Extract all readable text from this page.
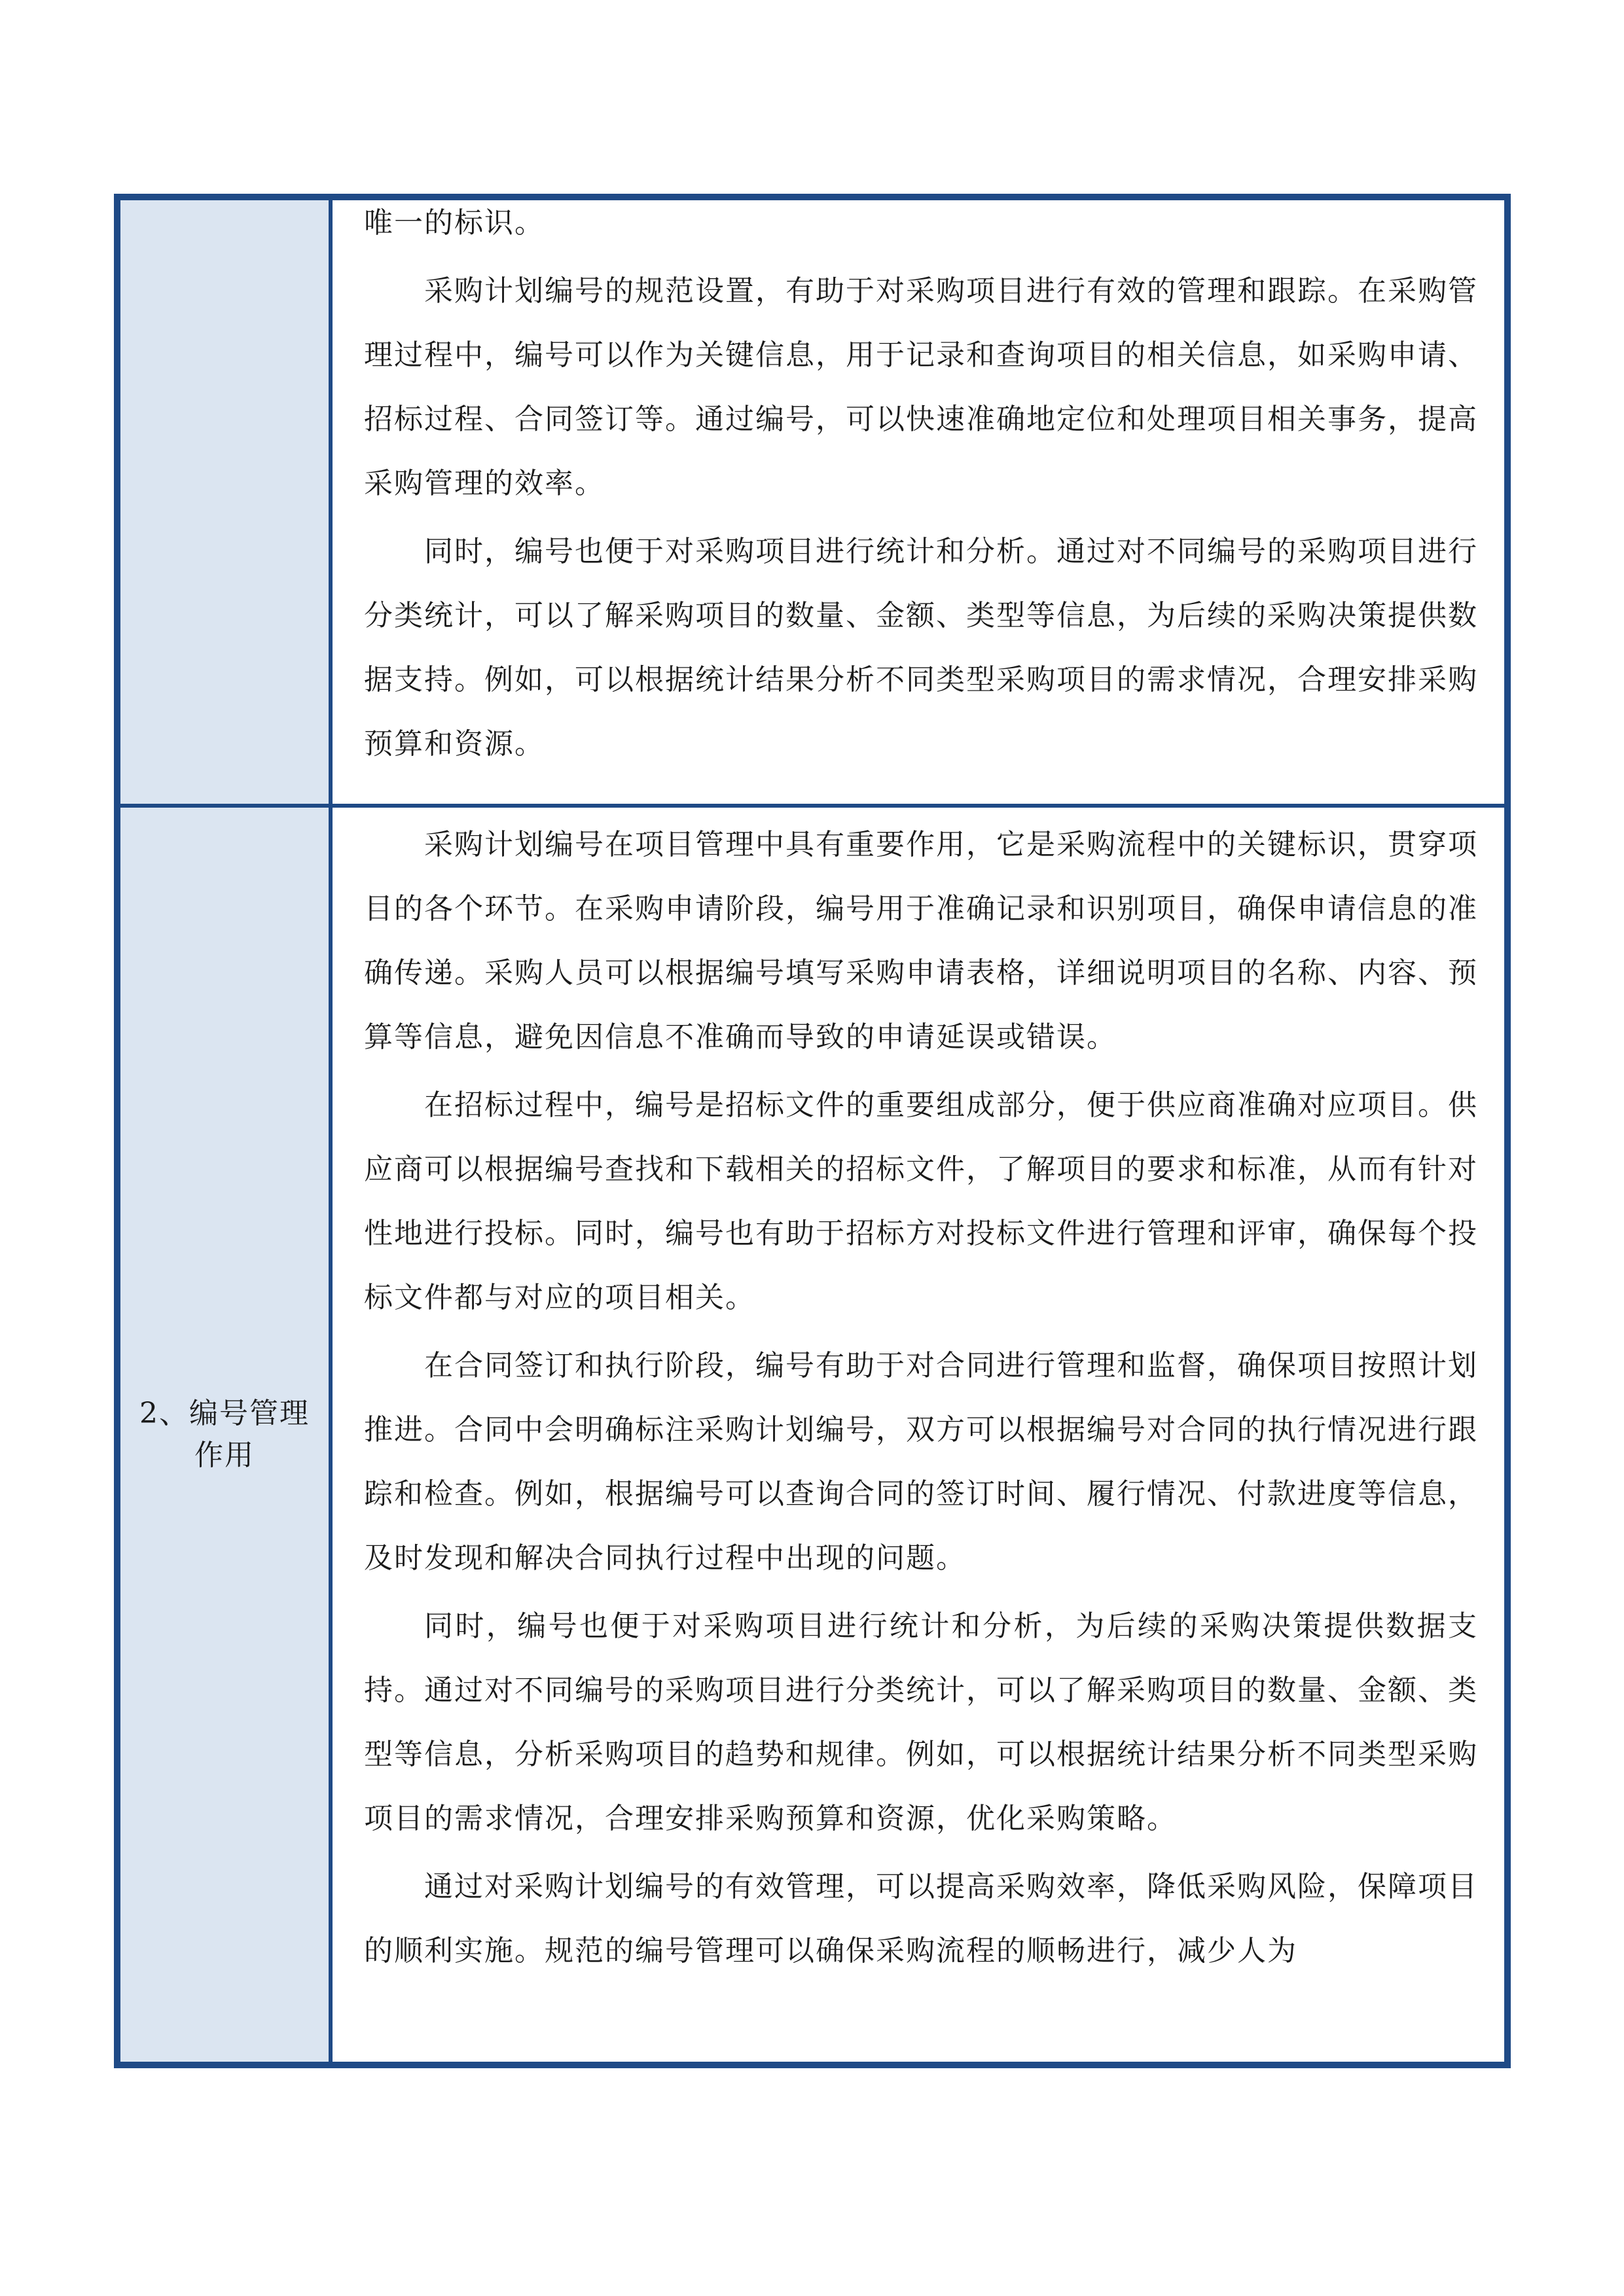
	唯一的标识。

采购计划编号的规范设置，有助于对采购项目进行有效的管理和跟踪。在采购管理过程中，编号可以作为关键信息，用于记录和查询项目的相关信息，如采购申请、招标过程、合同签订等。通过编号，可以快速准确地定位和处理项目相关事务，提高采购管理的效率。

同时，编号也便于对采购项目进行统计和分析。通过对不同编号的采购项目进行分类统计，可以了解采购项目的数量、金额、类型等信息，为后续的采购决策提供数据支持。例如，可以根据统计结果分析不同类型采购项目的需求情况，合理安排采购预算和资源。

2、编号管理作用	采购计划编号在项目管理中具有重要作用，它是采购流程中的关键标识，贯穿项目的各个环节。在采购申请阶段，编号用于准确记录和识别项目，确保申请信息的准确传递。采购人员可以根据编号填写采购申请表格，详细说明项目的名称、内容、预算等信息，避免因信息不准确而导致的申请延误或错误。

在招标过程中，编号是招标文件的重要组成部分，便于供应商准确对应项目。供应商可以根据编号查找和下载相关的招标文件，了解项目的要求和标准，从而有针对性地进行投标。同时，编号也有助于招标方对投标文件进行管理和评审，确保每个投标文件都与对应的项目相关。

在合同签订和执行阶段，编号有助于对合同进行管理和监督，确保项目按照计划推进。合同中会明确标注采购计划编号，双方可以根据编号对合同的执行情况进行跟踪和检查。例如，根据编号可以查询合同的签订时间、履行情况、付款进度等信息，及时发现和解决合同执行过程中出现的问题。

同时，编号也便于对采购项目进行统计和分析，为后续的采购决策提供数据支持。通过对不同编号的采购项目进行分类统计，可以了解采购项目的数量、金额、类型等信息，分析采购项目的趋势和规律。例如，可以根据统计结果分析不同类型采购项目的需求情况，合理安排采购预算和资源，优化采购策略。

通过对采购计划编号的有效管理，可以提高采购效率，降低采购风险，保障项目的顺利实施。规范的编号管理可以确保采购流程的顺畅进行，减少人为
